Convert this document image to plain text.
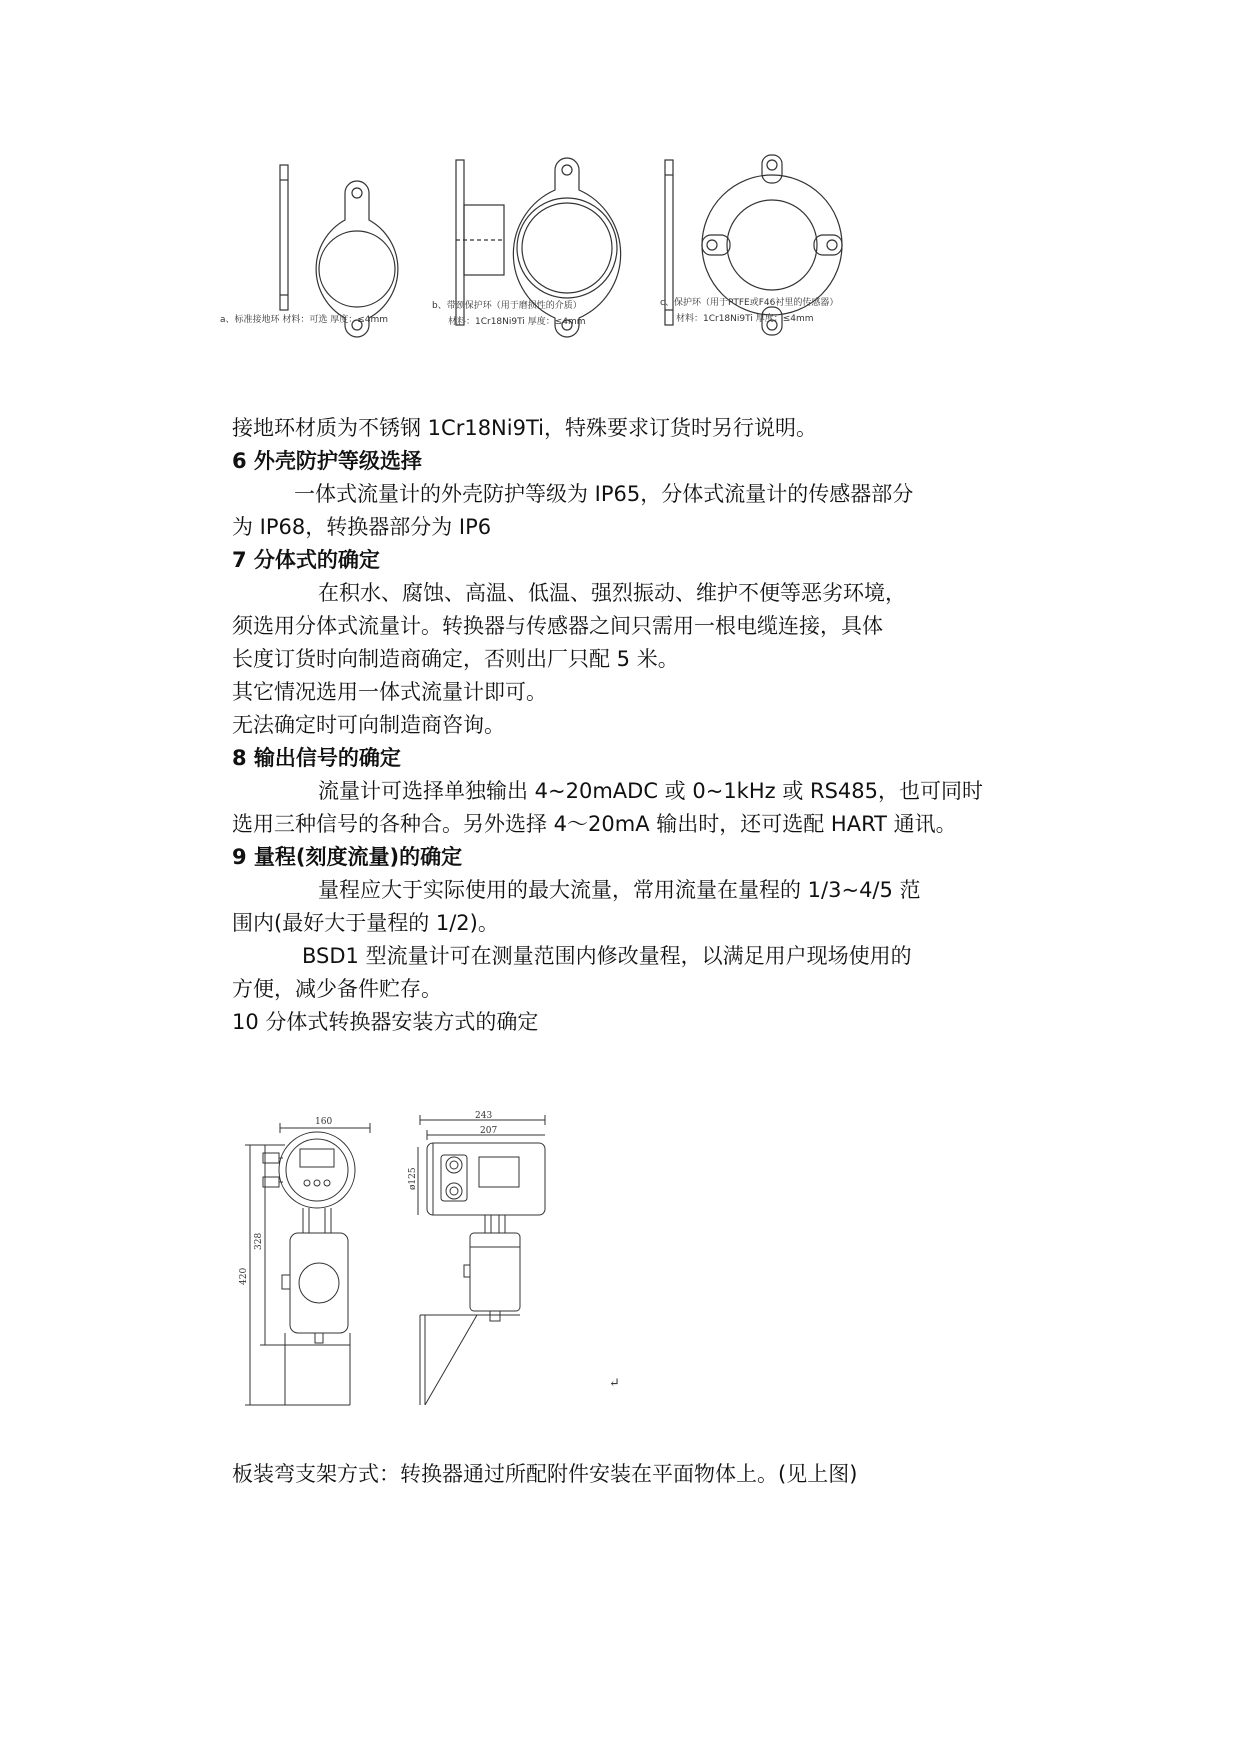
a、标准接地环 材料：可选 厚度：≤4mm
b、带颈保护环（用于磨损性的介质）
材料：1Cr18Ni9Ti 厚度：≤4mm
c、保护环（用于PTFE或F46衬里的传感器）
材料：1Cr18Ni9Ti 厚度：≤4mm

接地环材质为不锈钢 1Cr18Ni9Ti，特殊要求订货时另行说明。

6 外壳防护等级选择

一体式流量计的外壳防护等级为 IP65，分体式流量计的传感器部分

为 IP68，转换器部分为 IP6

7 分体式的确定

在积水、腐蚀、高温、低温、强烈振动、维护不便等恶劣环境，

须选用分体式流量计。转换器与传感器之间只需用一根电缆连接，具体

长度订货时向制造商确定，否则出厂只配 5 米。

其它情况选用一体式流量计即可。

无法确定时可向制造商咨询。

8 输出信号的确定

流量计可选择单独输出 4~20mADC 或 0~1kHz 或 RS485，也可同时

选用三种信号的各种合。另外选择 4～20mA 输出时，还可选配 HART 通讯。

9 量程(刻度流量)的确定

量程应大于实际使用的最大流量，常用流量在量程的 1/3~4/5 范

围内(最好大于量程的 1/2)。

BSD1 型流量计可在测量范围内修改量程，以满足用户现场使用的

方便，减少备件贮存。

10 分体式转换器安装方式的确定

160
243
207
328
420
ø125
↵
板装弯支架方式：转换器通过所配附件安装在平面物体上。(见上图)
